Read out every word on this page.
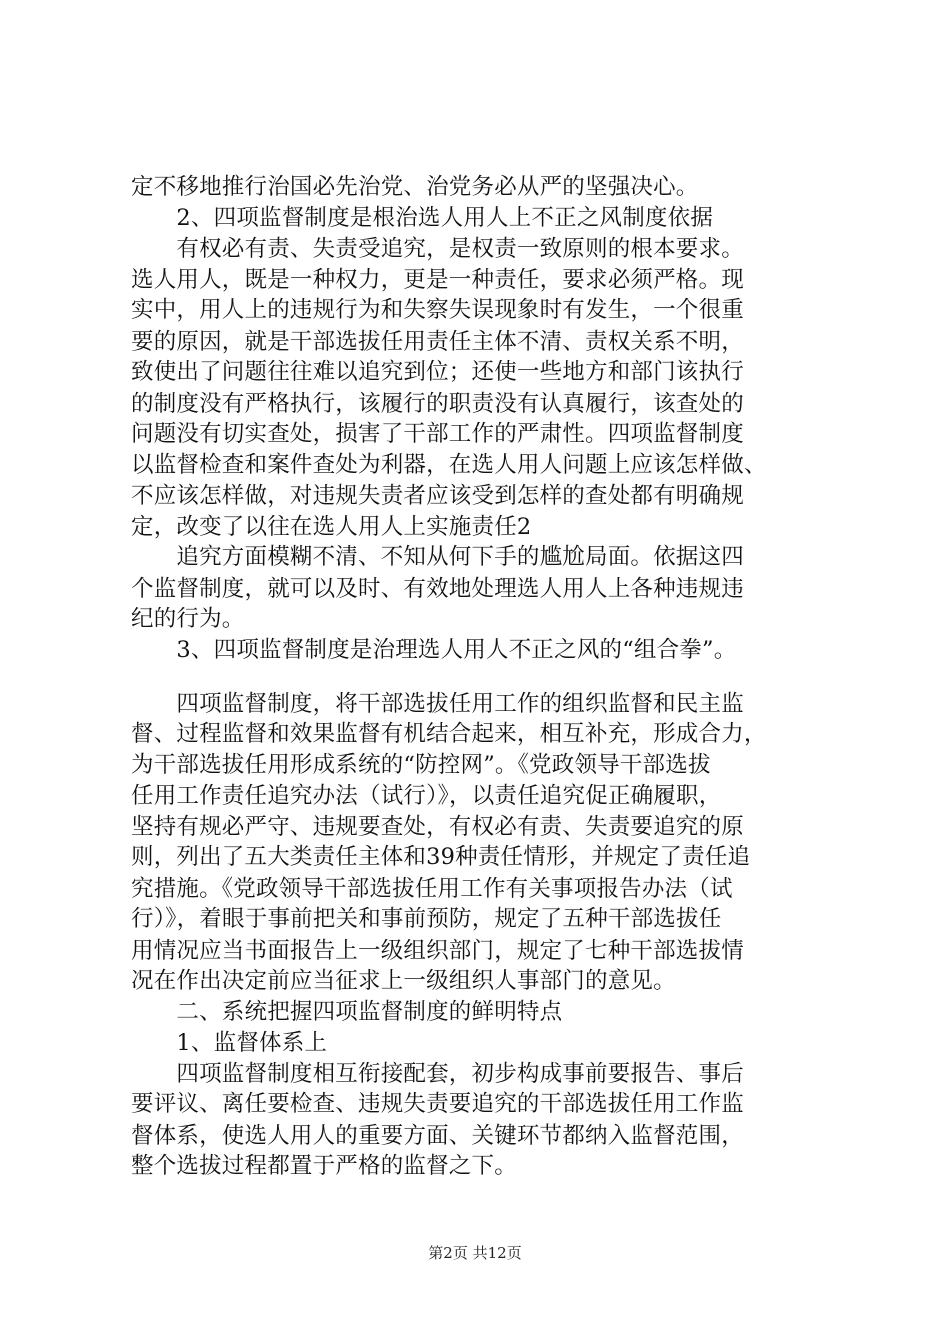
定不移地推行治国必先治党、治党务必从严的坚强决心。
　　2、四项监督制度是根治选人用人上不正之风制度依据
　　有权必有责、失责受追究，是权责一致原则的根本要求。
选人用人，既是一种权力，更是一种责任，要求必须严格。现
实中，用人上的违规行为和失察失误现象时有发生，一个很重
要的原因，就是干部选拔任用责任主体不清、责权关系不明，
致使出了问题往往难以追究到位；还使一些地方和部门该执行
的制度没有严格执行，该履行的职责没有认真履行，该查处的
问题没有切实查处，损害了干部工作的严肃性。四项监督制度
以监督检查和案件查处为利器，在选人用人问题上应该怎样做、
不应该怎样做，对违规失责者应该受到怎样的查处都有明确规
定，改变了以往在选人用人上实施责任2
　　追究方面模糊不清、不知从何下手的尴尬局面。依据这四
个监督制度，就可以及时、有效地处理选人用人上各种违规违
纪的行为。
　　3、四项监督制度是治理选人用人不正之风的“组合拳”。
　　四项监督制度，将干部选拔任用工作的组织监督和民主监
督、过程监督和效果监督有机结合起来，相互补充，形成合力，
为干部选拔任用形成系统的“防控网”。《党政领导干部选拔
任用工作责任追究办法（试行）》，以责任追究促正确履职，
坚持有规必严守、违规要查处，有权必有责、失责要追究的原
则，列出了五大类责任主体和39种责任情形，并规定了责任追
究措施。《党政领导干部选拔任用工作有关事项报告办法（试
行）》，着眼于事前把关和事前预防，规定了五种干部选拔任
用情况应当书面报告上一级组织部门，规定了七种干部选拔情
况在作出决定前应当征求上一级组织人事部门的意见。
　　二、系统把握四项监督制度的鲜明特点
　　1、监督体系上
　　四项监督制度相互衔接配套，初步构成事前要报告、事后
要评议、离任要检查、违规失责要追究的干部选拔任用工作监
督体系，使选人用人的重要方面、关键环节都纳入监督范围，
整个选拔过程都置于严格的监督之下。
第2页 共12页
